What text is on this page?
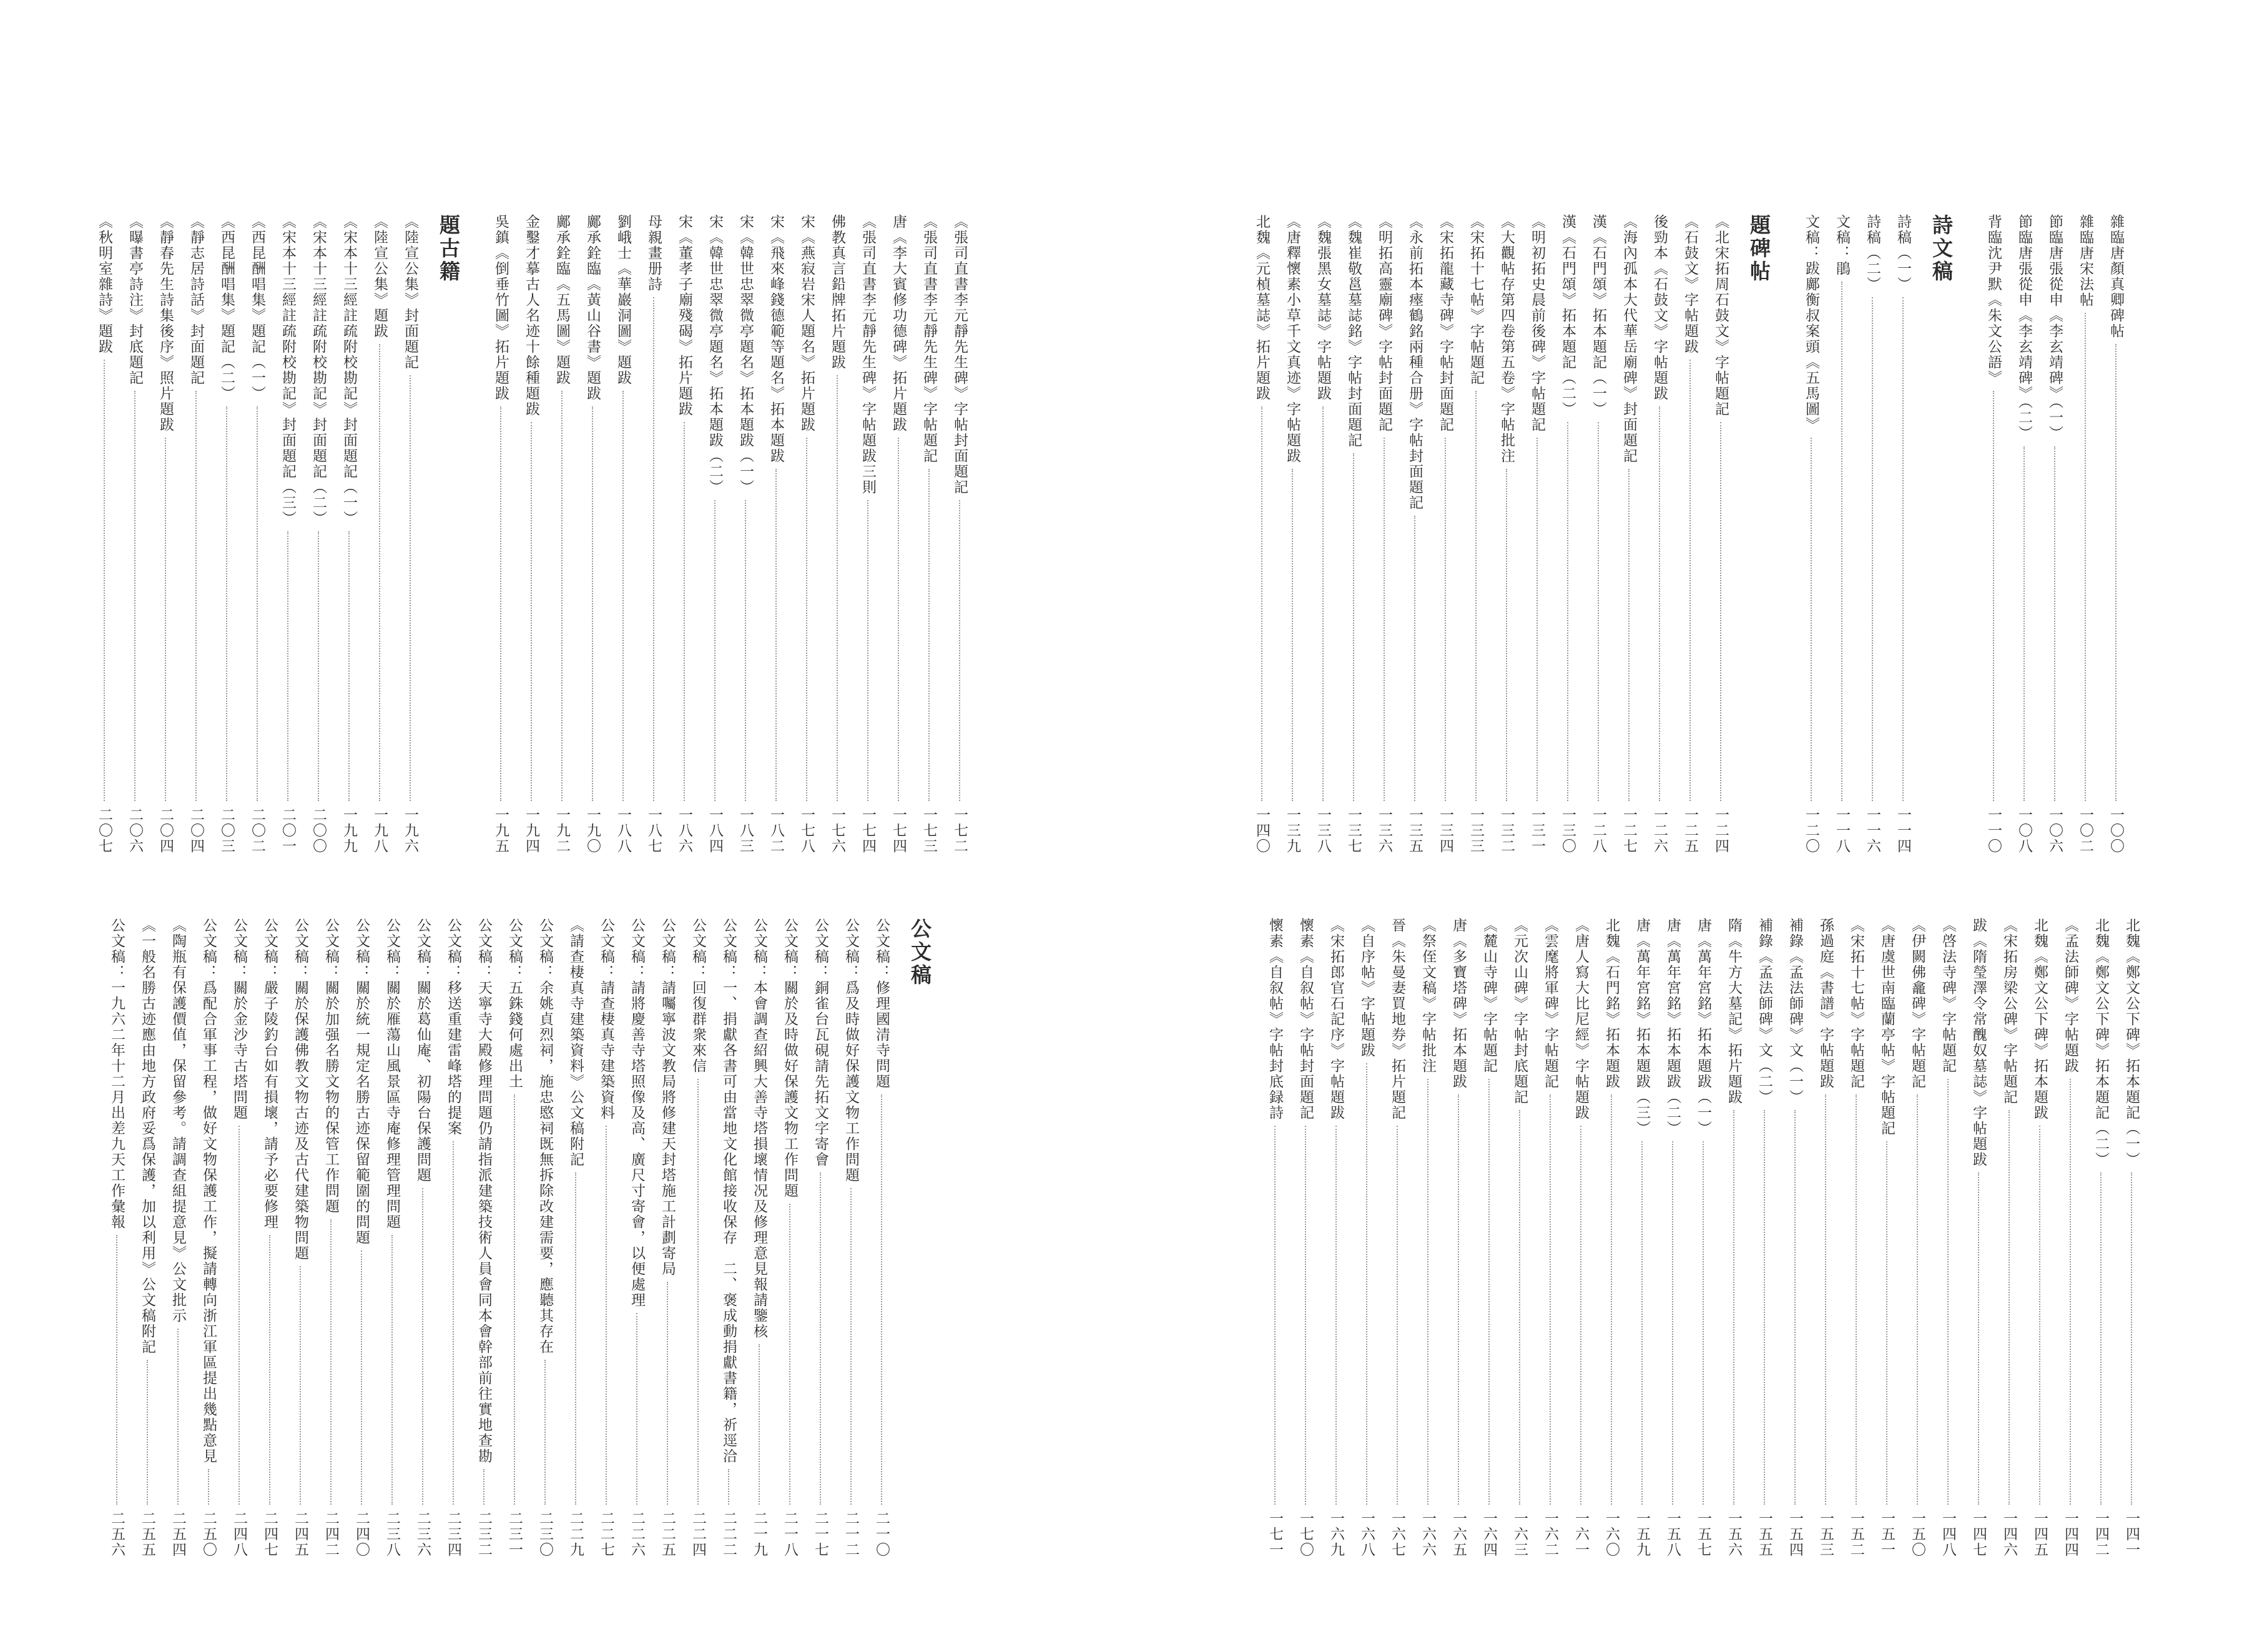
《張司直書李元靜先生碑》字帖封面題記
一七二
《張司直書李元靜先生碑》字帖題記
一七三
唐《李大賓修功德碑》拓片題跋
一七四
《張司直書李元靜先生碑》字帖題跋三則
一七四
佛教真言鉛牌拓片題跋
一七六
宋《燕寂岩宋人題名》拓片題跋
一七八
宋《飛來峰錢德範等題名》拓本題跋
一八二
宋《韓世忠翠微亭題名》拓本題跋（一）
一八三
宋《韓世忠翠微亭題名》拓本題跋（二）
一八四
宋《董孝子廟殘碣》拓片題跋
一八六
母親畫册詩
一八七
劉峨士《華巖洞圖》題跋
一八八
鄺承銓臨《黃山谷書》題跋
一九〇
鄺承銓臨《五馬圖》題跋
一九二
金鑿才摹古人名迹十餘種題跋
一九四
吳鎮《倒垂竹圖》拓片題跋
一九五
題古籍
《陸宣公集》封面題記
一九六
《陸宣公集》題跋
一九八
《宋本十三經註疏附校勘記》封面題記（一）
一九九
《宋本十三經註疏附校勘記》封面題記（二）
二〇〇
《宋本十三經註疏附校勘記》封面題記（三）
二〇一
《西昆酬唱集》題記（一）
二〇二
《西昆酬唱集》題記（二）
二〇三
《靜志居詩話》封面題記
二〇四
《靜春先生詩集後序》照片題跋
二〇四
《曝書亭詩注》封底題記
二〇六
《秋明室雜詩》題跋
二〇七
公文稿
公文稿：修理國清寺問題
二一〇
公文稿：爲及時做好保護文物工作問題
二一二
公文稿：銅雀台瓦硯請先拓文字寄會
二一七
公文稿：關於及時做好保護文物工作問題
二一八
公文稿：本會調查紹興大善寺塔損壞情况及修理意見報請鑒核
二一九
公文稿：一、捐獻各書可由當地文化館接收保存　二、褒成動捐獻書籍，祈逕洽
二二二
公文稿：回復群衆來信
二二四
公文稿：請囑寧波文教局將修建天封塔施工計劃寄局
二二五
公文稿：請將慶善寺塔照像及高、廣尺寸寄會，以便處理
二二六
公文稿：請查棲真寺建築資料
二二七
《請查棲真寺建築資料》公文稿附記
二二九
公文稿：余姚貞烈祠，施忠愍祠既無拆除改建需要，應聽其存在
二三〇
公文稿：五銖錢何處出土
二三一
公文稿：天寧寺大殿修理問題仍請指派建築技術人員會同本會幹部前往實地查勘
二三二
公文稿：移送重建雷峰塔的提案
二三四
公文稿：關於葛仙庵、初陽台保護問題
二三六
公文稿：關於雁蕩山風景區寺庵修理管理問題
二三八
公文稿：關於統一規定名勝古迹保留範圍的問題
二四〇
公文稿：關於加强名勝文物的保管工作問題
二四二
公文稿：關於保護佛教文物古迹及古代建築物問題
二四五
公文稿：嚴子陵釣台如有損壞，請予必要修理
二四七
公文稿：關於金沙寺古塔問題
二四八
公文稿：爲配合軍事工程，做好文物保護工作，擬請轉向浙江軍區提出幾點意見
二五〇
《陶瓶有保護價值，保留參考。請調查組提意見》公文批示
二五四
《一般名勝古迹應由地方政府妥爲保護，加以利用》公文稿附記
二五五
公文稿：一九六二年十二月出差九天工作彙報
二五六
雜臨唐顏真卿碑帖
一〇〇
雜臨唐宋法帖
一〇二
節臨唐張從申《李玄靖碑》（一）
一〇六
節臨唐張從申《李玄靖碑》（二）
一〇八
背臨沈尹默《朱文公語》
一一〇
詩文稿
詩稿（一）
一一四
詩稿（二）
一一六
文稿：鵑
一一八
文稿：跋鄺衡叔案頭《五馬圖》
一二〇
題碑帖
《北宋拓周石鼓文》字帖題記
一二四
《石鼓文》字帖題跋
一二五
後勁本《石鼓文》字帖題跋
一二六
《海內孤本大代華岳廟碑》封面題記
一二七
漢《石門頌》拓本題記（一）
一二八
漢《石門頌》拓本題記（二）
一三〇
《明初拓史晨前後碑》字帖題記
一三一
《大觀帖存第四卷第五卷》字帖批注
一三二
《宋拓十七帖》字帖題記
一三三
《宋拓龍藏寺碑》字帖封面題記
一三四
《永前拓本瘞鶴銘兩種合册》字帖封面題記
一三五
《明拓高靈廟碑》字帖封面題記
一三六
《魏崔敬邕墓誌銘》字帖封面題記
一三七
《魏張黑女墓誌》字帖題跋
一三八
《唐釋懷素小草千文真迹》字帖題跋
一三九
北魏《元楨墓誌》拓片題跋
一四〇
北魏《鄭文公下碑》拓本題記（一）
一四一
北魏《鄭文公下碑》拓本題記（二）
一四二
《孟法師碑》字帖題跋
一四四
北魏《鄭文公下碑》拓本題跋
一四五
《宋拓房梁公碑》字帖題記
一四六
跋《隋瑩澤令常醜奴墓誌》字帖題跋
一四七
《啓法寺碑》字帖題記
一四八
《伊闕佛龕碑》字帖題記
一五〇
《唐虞世南臨蘭亭帖》字帖題記
一五一
《宋拓十七帖》字帖題記
一五二
孫過庭《書譜》字帖題跋
一五三
補錄《孟法師碑》文（一）
一五四
補錄《孟法師碑》文（二）
一五五
隋《牛方大墓記》拓片題跋
一五六
唐《萬年宮銘》拓本題跋（一）
一五七
唐《萬年宮銘》拓本題跋（二）
一五八
唐《萬年宮銘》拓本題跋（三）
一五九
北魏《石門銘》拓本題跋
一六〇
《唐人寫大比尼經》字帖題跋
一六一
《雲麾將軍碑》字帖題記
一六二
《元次山碑》字帖封底題記
一六三
《麓山寺碑》字帖題記
一六四
唐《多寶塔碑》拓本題跋
一六五
《祭侄文稿》字帖批注
一六六
晉《朱曼妻買地券》拓片題記
一六七
《自序帖》字帖題跋
一六八
《宋拓郎官石記序》字帖題跋
一六九
懷素《自叙帖》字帖封面題記
一七〇
懷素《自叙帖》字帖封底録詩
一七一
